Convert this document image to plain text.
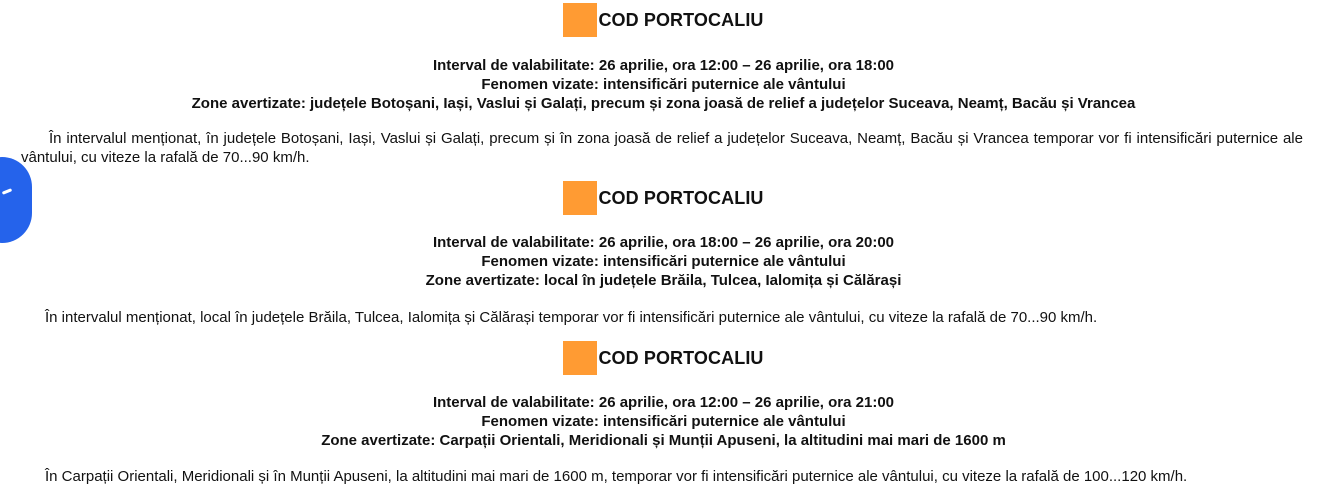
COD PORTOCALIU
Interval de valabilitate: 26 aprilie, ora 12:00 – 26 aprilie, ora 18:00
Fenomen vizate: intensificări puternice ale vântului
Zone avertizate: județele Botoșani, Iași, Vaslui și Galați, precum și zona joasă de relief a județelor Suceava, Neamț, Bacău și Vrancea

În intervalul menționat, în județele Botoșani, Iași, Vaslui și Galați, precum și în zona joasă de relief a județelor Suceava, Neamț, Bacău și Vrancea temporar vor fi intensificări puternice ale vântului, cu viteze la rafală de 70...90 km/h.

COD PORTOCALIU
Interval de valabilitate: 26 aprilie, ora 18:00 – 26 aprilie, ora 20:00
Fenomen vizate: intensificări puternice ale vântului
Zone avertizate: local în județele Brăila, Tulcea, Ialomița și Călărași

În intervalul menționat, local în județele Brăila, Tulcea, Ialomița și Călărași temporar vor fi intensificări puternice ale vântului, cu viteze la rafală de 70...90 km/h.

COD PORTOCALIU
Interval de valabilitate: 26 aprilie, ora 12:00 – 26 aprilie, ora 21:00
Fenomen vizate: intensificări puternice ale vântului
Zone avertizate: Carpații Orientali, Meridionali și Munții Apuseni, la altitudini mai mari de 1600 m

În Carpații Orientali, Meridionali și în Munții Apuseni, la altitudini mai mari de 1600 m, temporar vor fi intensificări puternice ale vântului, cu viteze la rafală de 100...120 km/h.
